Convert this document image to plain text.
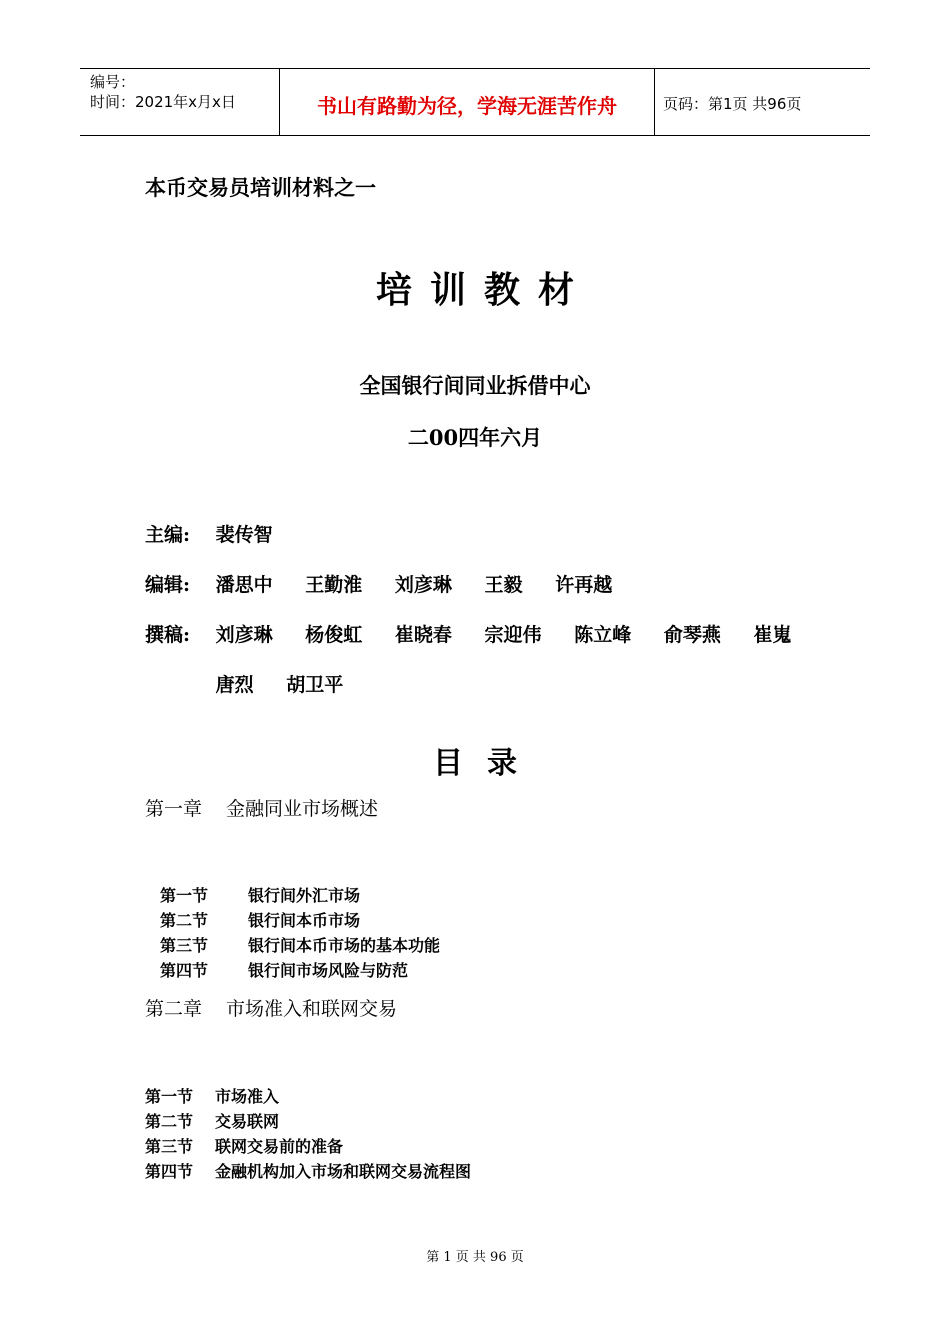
编号：
时间：2021年x月x日	书山有路勤为径，学海无涯苦作舟	页码：第1页 共96页
本币交易员培训材料之一
培训教材
全国银行间同业拆借中心
二00四年六月
主编: 裴传智
编辑: 潘思中 王勤淮 刘彦琳 王毅 许再越
撰稿: 刘彦琳 杨俊虹 崔晓春 宗迎伟 陈立峰 俞琴燕 崔嵬
唐烈 胡卫平
目录
第一章 金融同业市场概述
第一节 银行间外汇市场
第二节 银行间本币市场
第三节 银行间本币市场的基本功能
第四节 银行间市场风险与防范
第二章 市场准入和联网交易
第一节 市场准入
第二节 交易联网
第三节 联网交易前的准备
第四节 金融机构加入市场和联网交易流程图
第 1 页 共 96 页
